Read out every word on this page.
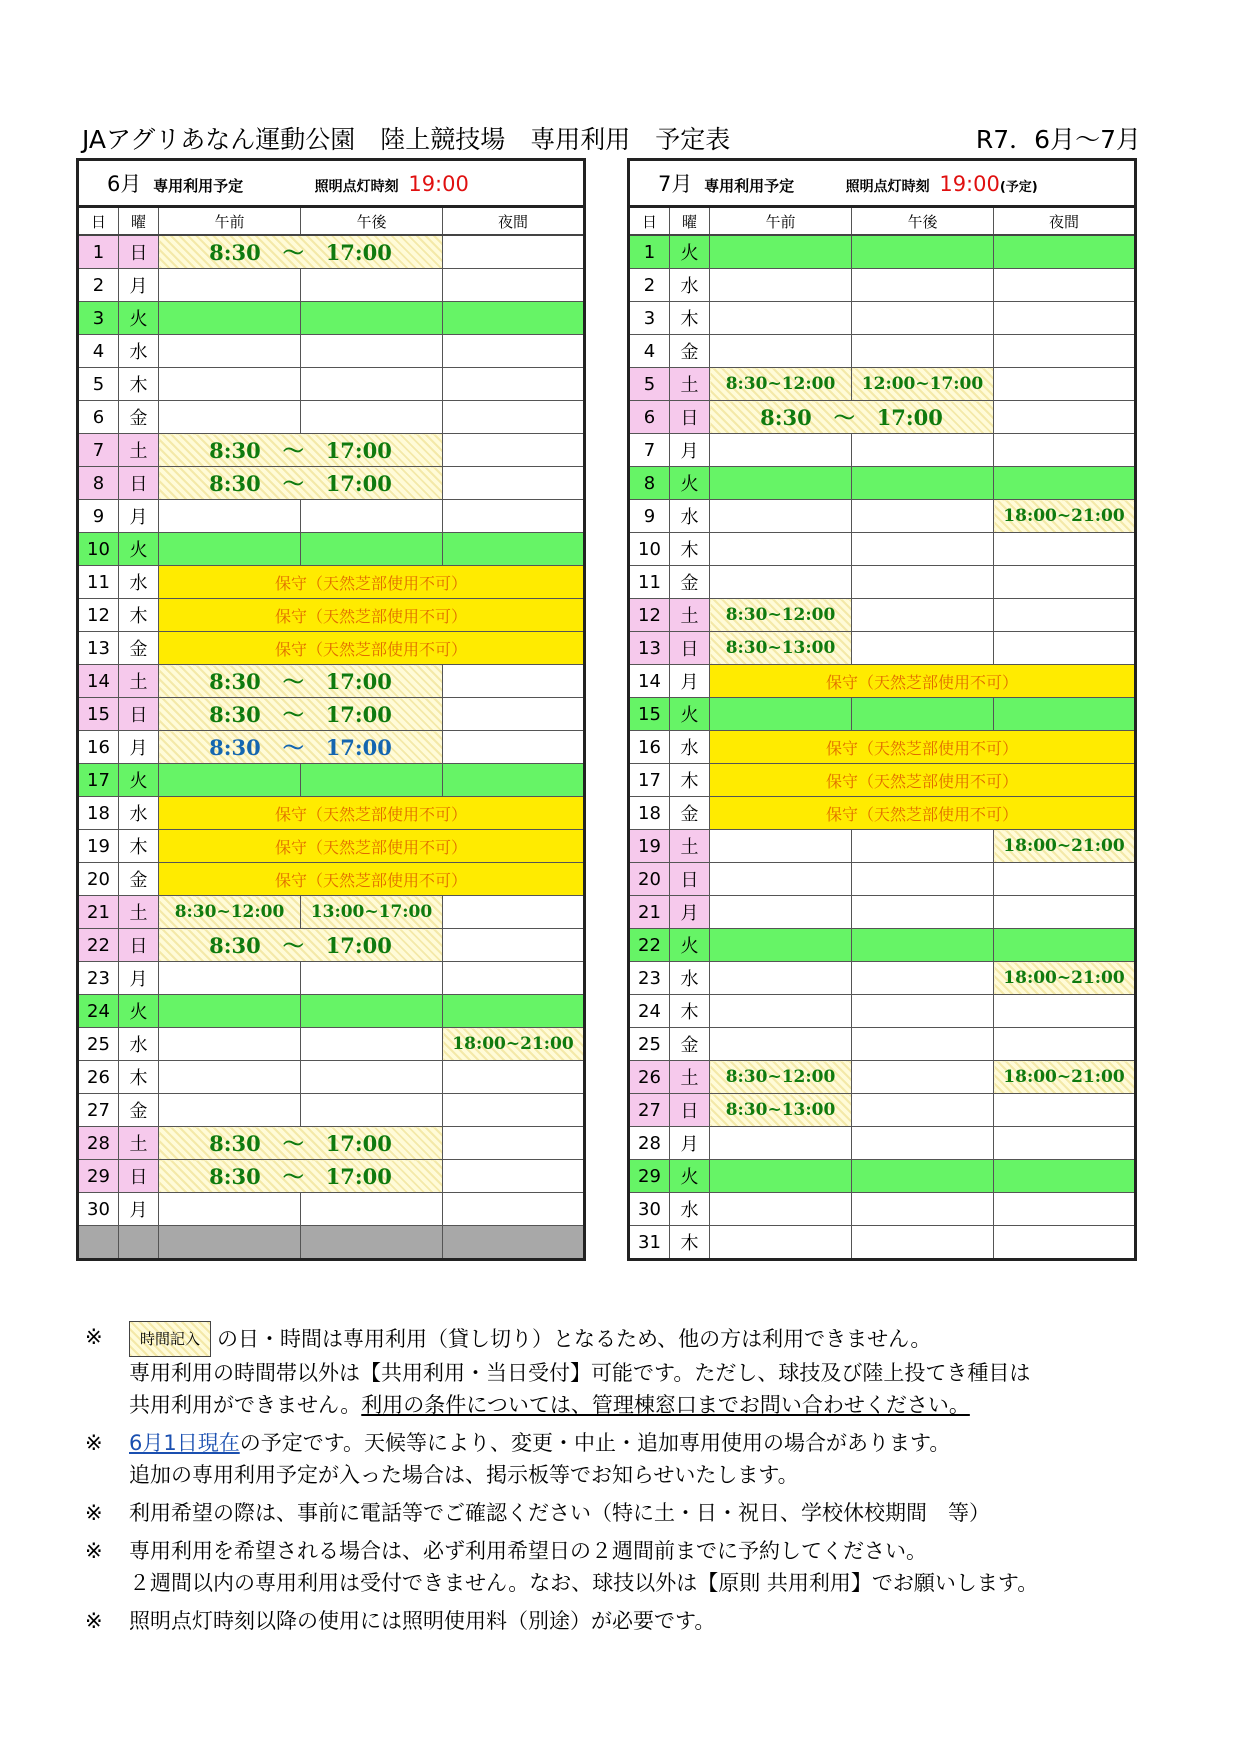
JAアグリあなん運動公園　陸上競技場　専用利用　予定表	R7．6月～7月
6月 専用利用予定 照明点灯時刻 19:00				
日	曜	午前	午後	夜間
1	日	8:30 ～ 17:00		
2	月			
3	火			
4	水			
5	木			
6	金			
7	土	8:30 ～ 17:00		
8	日	8:30 ～ 17:00		
9	月			
10	火			
11	水	保守（天然芝部使用不可）		
12	木	保守（天然芝部使用不可）		
13	金	保守（天然芝部使用不可）		
14	土	8:30 ～ 17:00		
15	日	8:30 ～ 17:00		
16	月	8:30 ～ 17:00		
17	火			
18	水	保守（天然芝部使用不可）		
19	木	保守（天然芝部使用不可）		
20	金	保守（天然芝部使用不可）		
21	土	8:30~12:00	13:00~17:00	
22	日	8:30 ～ 17:00		
23	月			
24	火			
25	水			18:00~21:00
26	木			
27	金			
28	土	8:30 ～ 17:00		
29	日	8:30 ～ 17:00		
30	月			

7月 専用利用予定 照明点灯時刻 19:00(予定)				
日	曜	午前	午後	夜間
1	火			
2	水			
3	木			
4	金			
5	土	8:30~12:00	12:00~17:00	
6	日	8:30 ～ 17:00		
7	月			
8	火			
9	水			18:00~21:00
10	木			
11	金			
12	土	8:30~12:00		
13	日	8:30~13:00		
14	月	保守（天然芝部使用不可）		
15	火			
16	水	保守（天然芝部使用不可）		
17	木	保守（天然芝部使用不可）		
18	金	保守（天然芝部使用不可）		
19	土			18:00~21:00
20	日			
21	月			
22	火			
23	水			18:00~21:00
24	木			
25	金			
26	土	8:30~12:00		18:00~21:00
27	日	8:30~13:00		
28	月			
29	火			
30	水			
31	木			
※	時間記入 の日・時間は専用利用（貸し切り）となるため、他の方は利用できません。
専用利用の時間帯以外は【共用利用・当日受付】可能です。ただし、球技及び陸上投てき種目は
共用利用ができません。利用の条件については、管理棟窓口までお問い合わせください。
※ 6月1日現在の予定です。天候等により、変更・中止・追加専用使用の場合があります。
追加の専用利用予定が入った場合は、掲示板等でお知らせいたします。
※ 利用希望の際は、事前に電話等でご確認ください（特に土・日・祝日、学校休校期間　等）
※ 専用利用を希望される場合は、必ず利用希望日の２週間前までに予約してください。
２週間以内の専用利用は受付できません。なお、球技以外は【原則 共用利用】でお願いします。
※ 照明点灯時刻以降の使用には照明使用料（別途）が必要です。
